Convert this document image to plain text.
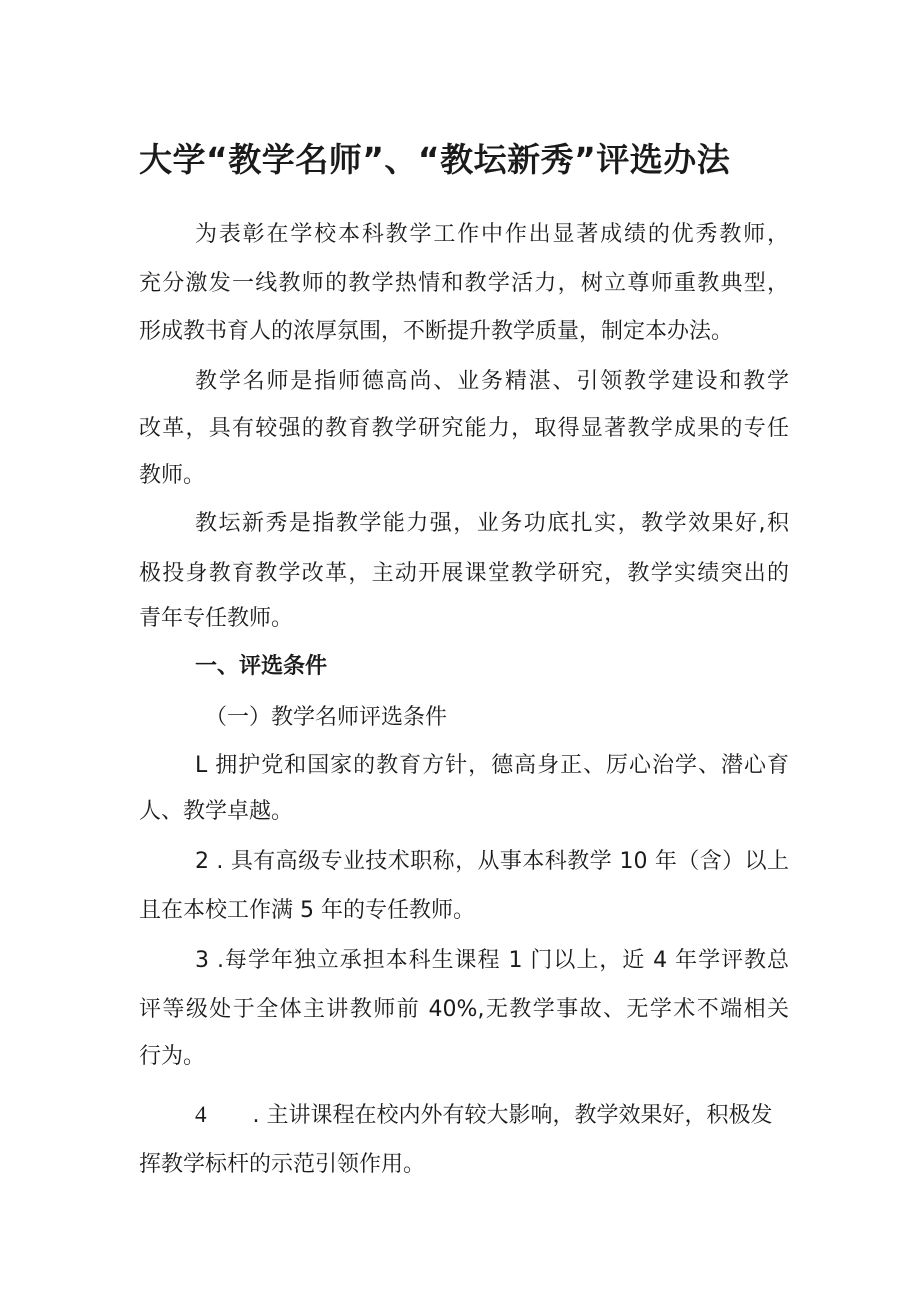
大学“教学名师”、“教坛新秀”评选办法

为表彰在学校本科教学工作中作出显著成绩的优秀教师，

充分激发一线教师的教学热情和教学活力，树立尊师重教典型，

形成教书育人的浓厚氛围，不断提升教学质量，制定本办法。

教学名师是指师德高尚、业务精湛、引领教学建设和教学

改革，具有较强的教育教学研究能力，取得显著教学成果的专任

教师。

教坛新秀是指教学能力强，业务功底扎实，教学效果好,积

极投身教育教学改革，主动开展课堂教学研究，教学实绩突出的

青年专任教师。

一、评选条件
（一）教学名师评选条件

L 拥护党和国家的教育方针，德高身正、厉心治学、潜心育

人、教学卓越。

2 . 具有高级专业技术职称，从事本科教学 10 年（含）以上

且在本校工作满 5 年的专任教师。

3 .每学年独立承担本科生课程 1 门以上，近 4 年学评教总

评等级处于全体主讲教师前 40%,无教学事故、无学术不端相关

行为。

4 . 主讲课程在校内外有较大影响，教学效果好，积极发

挥教学标杆的示范引领作用。
